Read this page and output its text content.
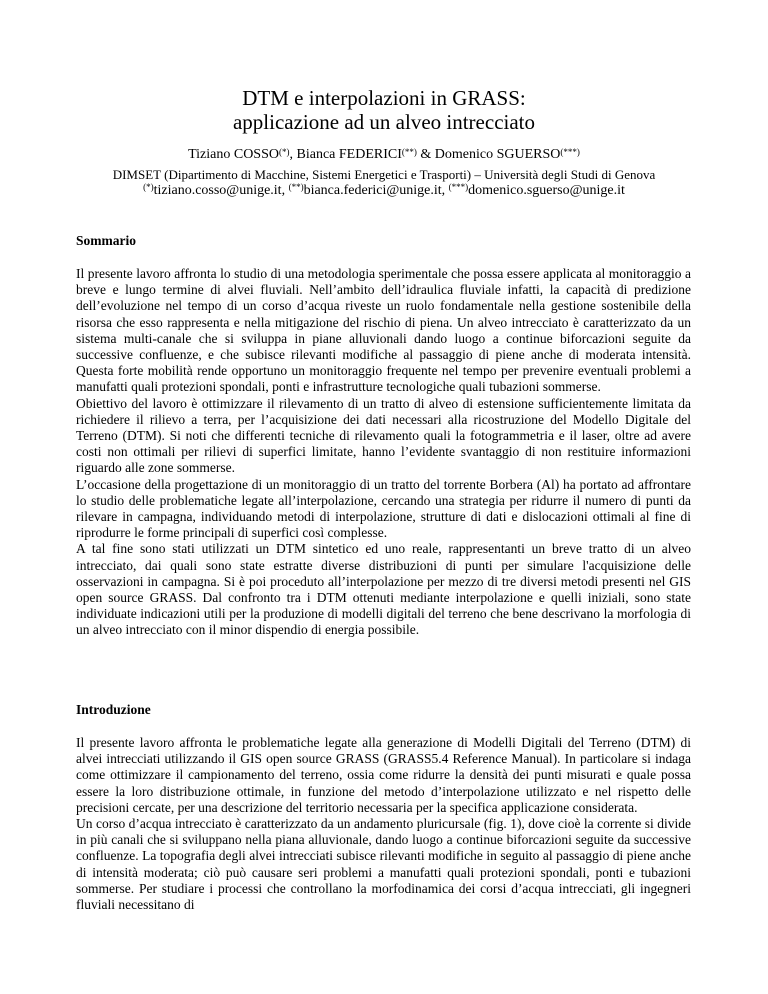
DTM e interpolazioni in GRASS:
applicazione ad un alveo intrecciato
Tiziano COSSO(*), Bianca FEDERICI(**) & Domenico SGUERSO(***)
DIMSET (Dipartimento di Macchine, Sistemi Energetici e Trasporti) – Università degli Studi di Genova
(*)tiziano.cosso@unige.it, (**)bianca.federici@unige.it, (***)domenico.sguerso@unige.it
Sommario

Il presente lavoro affronta lo studio di una metodologia sperimentale che possa essere applicata al monitoraggio a breve e lungo termine di alvei fluviali. Nell’ambito dell’idraulica fluviale infatti, la capacità di predizione dell’evoluzione nel tempo di un corso d’acqua riveste un ruolo fondamentale nella gestione sostenibile della risorsa che esso rappresenta e nella mitigazione del rischio di piena. Un alveo intrecciato è caratterizzato da un sistema multi-canale che si sviluppa in piane alluvionali dando luogo a continue biforcazioni seguite da successive confluenze, e che subisce rilevanti modifiche al passaggio di piene anche di moderata intensità. Questa forte mobilità rende opportuno un monitoraggio frequente nel tempo per prevenire eventuali problemi a manufatti quali protezioni spondali, ponti e infrastrutture tecnologiche quali tubazioni sommerse.

Obiettivo del lavoro è ottimizzare il rilevamento di un tratto di alveo di estensione sufficientemente limitata da richiedere il rilievo a terra, per l’acquisizione dei dati necessari alla ricostruzione del Modello Digitale del Terreno (DTM). Si noti che differenti tecniche di rilevamento quali la fotogrammetria e il laser, oltre ad avere costi non ottimali per rilievi di superfici limitate, hanno l’evidente svantaggio di non restituire informazioni riguardo alle zone sommerse.

L’occasione della progettazione di un monitoraggio di un tratto del torrente Borbera (Al) ha portato ad affrontare lo studio delle problematiche legate all’interpolazione, cercando una strategia per ridurre il numero di punti da rilevare in campagna, individuando metodi di interpolazione, strutture di dati e dislocazioni ottimali al fine di riprodurre le forme principali di superfici così complesse.

A tal fine sono stati utilizzati un DTM sintetico ed uno reale, rappresentanti un breve tratto di un alveo intrecciato, dai quali sono state estratte diverse distribuzioni di punti per simulare l'acquisizione delle osservazioni in campagna. Si è poi proceduto all’interpolazione per mezzo di tre diversi metodi presenti nel GIS open source GRASS. Dal confronto tra i DTM ottenuti mediante interpolazione e quelli iniziali, sono state individuate indicazioni utili per la produzione di modelli digitali del terreno che bene descrivano la morfologia di un alveo intrecciato con il minor dispendio di energia possibile.

Introduzione

Il presente lavoro affronta le problematiche legate alla generazione di Modelli Digitali del Terreno (DTM) di alvei intrecciati utilizzando il GIS open source GRASS (GRASS5.4 Reference Manual). In particolare si indaga come ottimizzare il campionamento del terreno, ossia come ridurre la densità dei punti misurati e quale possa essere la loro distribuzione ottimale, in funzione del metodo d’interpolazione utilizzato e nel rispetto delle precisioni cercate, per una descrizione del territorio necessaria per la specifica applicazione considerata.

Un corso d’acqua intrecciato è caratterizzato da un andamento pluricursale (fig. 1), dove cioè la corrente si divide in più canali che si sviluppano nella piana alluvionale, dando luogo a continue biforcazioni seguite da successive confluenze. La topografia degli alvei intrecciati subisce rilevanti modifiche in seguito al passaggio di piene anche di intensità moderata; ciò può causare seri problemi a manufatti quali protezioni spondali, ponti e tubazioni sommerse. Per studiare i processi che controllano la morfodinamica dei corsi d’acqua intrecciati, gli ingegneri fluviali necessitano di
